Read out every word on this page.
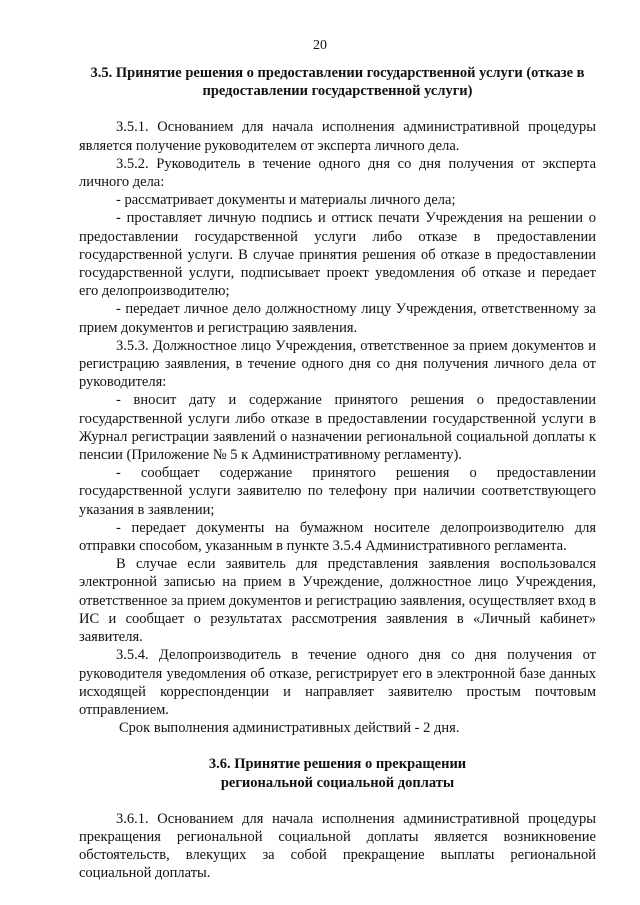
20
3.5. Принятие решения о предоставлении государственной услуги (отказе в
предоставлении государственной услуги)

3.5.1. Основанием для начала исполнения административной процедуры является получение руководителем от эксперта личного дела.

3.5.2. Руководитель в течение одного дня со дня получения от эксперта личного дела:

- рассматривает документы и материалы личного дела;

- проставляет личную подпись и оттиск печати Учреждения на решении о предоставлении государственной услуги либо отказе в предоставлении государственной услуги. В случае принятия решения об отказе в предоставлении государственной услуги, подписывает проект уведомления об отказе и передает его делопроизводителю;

- передает личное дело должностному лицу Учреждения, ответственному за прием документов и регистрацию заявления.

3.5.3. Должностное лицо Учреждения, ответственное за прием документов и регистрацию заявления, в течение одного дня со дня получения личного дела от руководителя:

- вносит дату и содержание принятого решения о предоставлении государственной услуги либо отказе в предоставлении государственной услуги в Журнал регистрации заявлений о назначении региональной социальной доплаты к пенсии (Приложение № 5 к Административному регламенту).

- сообщает содержание принятого решения о предоставлении государственной услуги заявителю по телефону при наличии соответствующего указания в заявлении;

- передает документы на бумажном носителе делопроизводителю для отправки способом, указанным в пункте 3.5.4 Административного регламента.

В случае если заявитель для представления заявления воспользовался электронной записью на прием в Учреждение, должностное лицо Учреждения, ответственное за прием документов и регистрацию заявления, осуществляет вход в ИС и сообщает о результатах рассмотрения заявления в «Личный кабинет» заявителя.

3.5.4. Делопроизводитель в течение одного дня со дня получения от руководителя уведомления об отказе, регистрирует его в электронной базе данных исходящей корреспонденции и направляет заявителю простым почтовым отправлением.

Срок выполнения административных действий - 2 дня.

3.6. Принятие решения о прекращении
региональной социальной доплаты

3.6.1. Основанием для начала исполнения административной процедуры прекращения региональной социальной доплаты является возникновение обстоятельств, влекущих за собой прекращение выплаты региональной социальной доплаты.
